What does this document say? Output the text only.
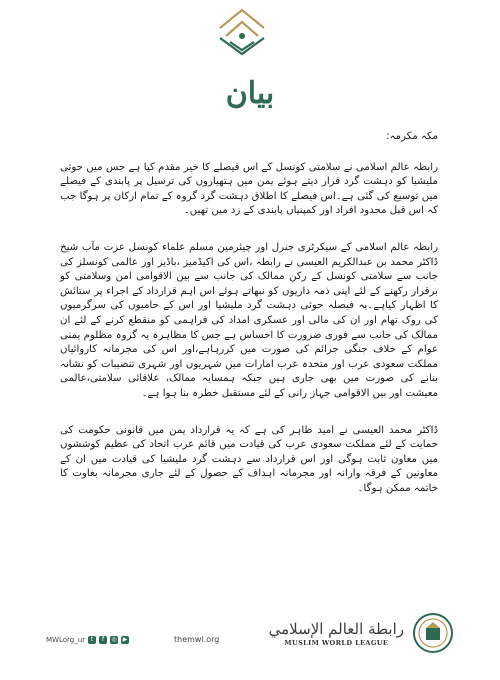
بیان
مکہ مکرمہ:

رابطہ عالم اسلامی نے سلامتی کونسل کے اس فیصلے کا خیر مقدم کیا ہے جس میں حوثی ملیشیا کو دہشت گرد قرار دیتے ہوئے یمن میں ہتھیاروں کی ترسیل پر پابندی کے فیصلے میں توسیع کی گئی ہے۔اس فیصلے کا اطلاق دہشت گرد گروہ کے تمام ارکان پر ہوگا جب کہ اس قبل محدود افراد اور کمپنیاں پابندی کے زد میں تھیں۔

رابطہ عالم اسلامی کے سیکرٹری جنرل اور چیئرمین مسلم علماء کونسل عزت مآب شیخ ڈاکٹر محمد بن عبدالکریم العیسی نے رابطہ ،اس کی اکیڈمیز ،باڈیز اور عالمی کونسلز کی جانب سے سلامتی کونسل کے رکن ممالک کی جانب سے بین الاقوامی امن وسلامتی کو برقرار رکھنے کے لئے اپنی ذمہ داریوں کو نبھاتے ہوئے اس اہم قرارداد کے اجراء پر ستائش کا اظہار کیاہے۔یہ فیصلہ حوثی دہشت گرد ملیشیا اور اس کے حامیوں کی سرگرمیوں کی روک تھام اور ان کی مالی اور عسکری امداد کی فراہمی کو منقطع کرنے کے لئے ان ممالک کی جانب سے فوری ضرورت کا احساس ہے جس کا مظاہرہ یہ گروہ مظلوم یمنی عوام کے خلاف جنگی جرائم کی صورت میں کررہاہے،اور اس کی مجرمانہ کاروائیاں مملکت سعودی عرب اور متحدہ عرب امارات میں شہریوں اور شہری تنصیبات کو نشانہ بنانے کی صورت میں بھی جاری ہیں جبکہ ہمسایہ ممالک، علاقائی سلامتی،عالمی معیشت اور بین الاقوامی جہاز رانی کے لئے مستقبل خطرہ بنا ہوا ہے۔

ڈاکٹر محمد العیسی نے امید ظاہر کی ہے کہ یہ قرارداد یمن میں قانونی حکومت کی حمایت کے لئے مملکت سعودی عرب کی قیادت میں قائم عرب اتحاد کی عظیم کوششوں میں معاون ثابت ہوگی اور اس قرارداد سے دہشت گرد ملیشیا کی قیادت میں ان کے معاونین کے فرقہ وارانہ اور مجرمانہ اہداف کے حصول کے لئے جاری مجرمانہ بغاوت کا خاتمہ ممکن ہوگا۔

MWLorg_ur t	f	◎ ▶	themwl.org
رابطة العالم الإسلامي
MUSLIM WORLD LEAGUE
